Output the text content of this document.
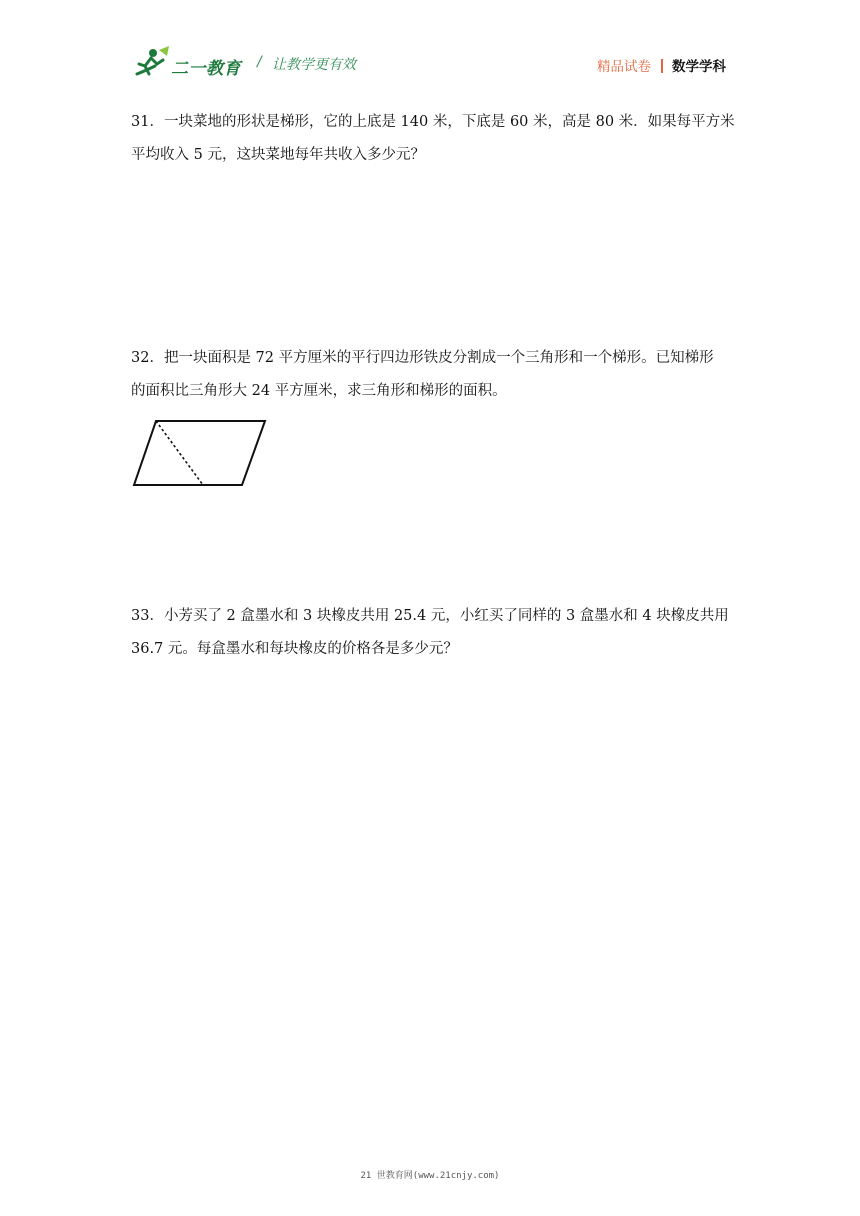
二一教育 / 让教学更有效	精品试卷 数学学科
31．一块菜地的形状是梯形，它的上底是 140 米，下底是 60 米，高是 80 米．如果每平方米
平均收入 5 元，这块菜地每年共收入多少元？
32．把一块面积是 72 平方厘米的平行四边形铁皮分割成一个三角形和一个梯形。已知梯形
的面积比三角形大 24 平方厘米，求三角形和梯形的面积。
33．小芳买了 2 盒墨水和 3 块橡皮共用 25.4 元，小红买了同样的 3 盒墨水和 4 块橡皮共用
36.7 元。每盒墨水和每块橡皮的价格各是多少元？
21 世教育网(www.21cnjy.com)
